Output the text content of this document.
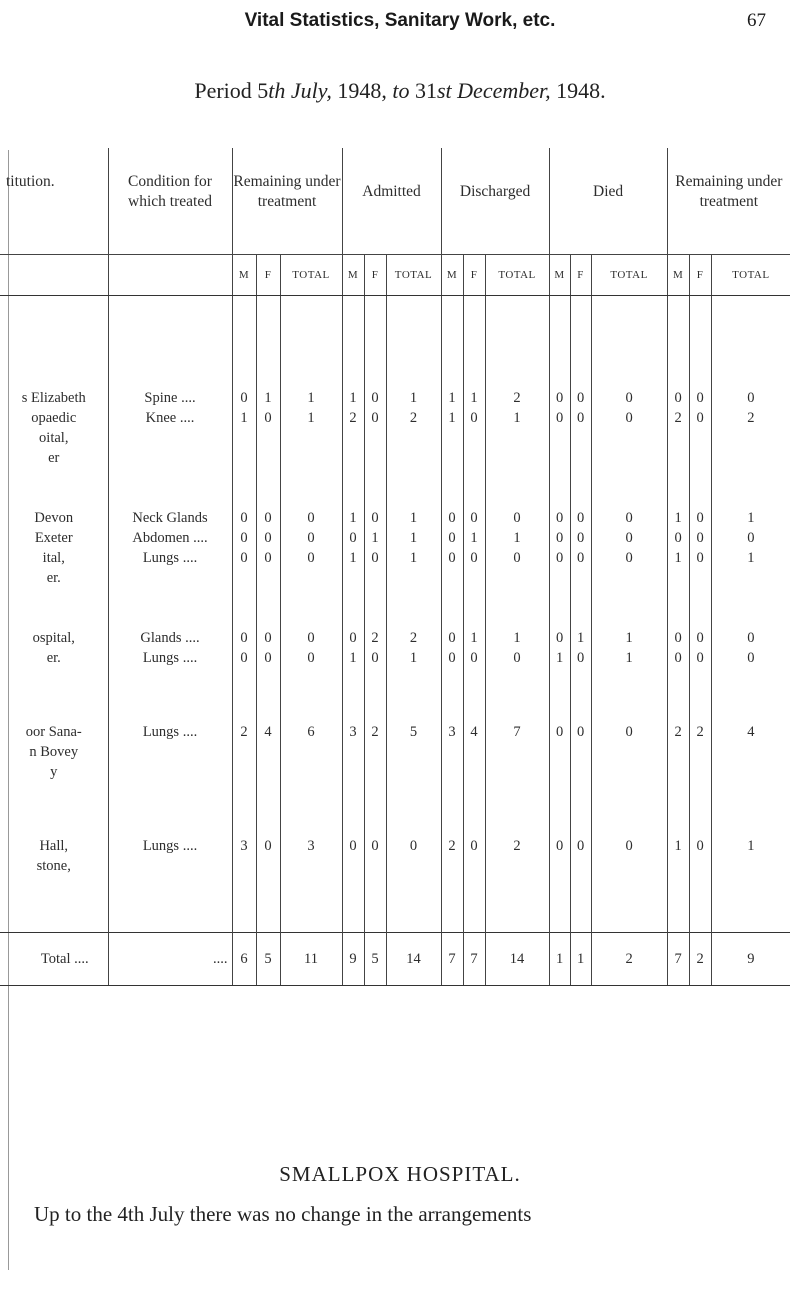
Vital Statistics, Sanitary Work, etc.	67
Period 5th July, 1948, to 31st December, 1948.
titution.	Condition for which treated	Remaining under treatment			Admitted			Discharged			Died			Remaining under treatment		
		M	F	TOTAL	M	F	TOTAL	M	F	TOTAL	M	F	TOTAL	M	F	TOTAL

s Elizabeth	Spine ....	0	1	1	1	0	1	1	1	2	0	0	0	0	0	0
opaedic	Knee ....	1	0	1	2	0	2	1	0	1	0	0	0	2	0	2
oital,																
er																

Devon	Neck Glands	0	0	0	1	0	1	0	0	0	0	0	0	1	0	1
Exeter	Abdomen ....	0	0	0	0	1	1	0	1	1	0	0	0	0	0	0
ital,	Lungs ....	0	0	0	1	0	1	0	0	0	0	0	0	1	0	1
er.																

ospital,	Glands ....	0	0	0	0	2	2	0	1	1	0	1	1	0	0	0
er.	Lungs ....	0	0	0	1	0	1	0	0	0	1	0	1	0	0	0

oor Sana-	Lungs ....	2	4	6	3	2	5	3	4	7	0	0	0	2	2	4
n Bovey																
y																

Hall,	Lungs ....	3	0	3	0	0	0	2	0	2	0	0	0	1	0	1
stone,																

Total ....	....	6	5	11	9	5	14	7	7	14	1	1	2	7	2	9
SMALLPOX HOSPITAL.
Up to the 4th July there was no change in the arrangements
